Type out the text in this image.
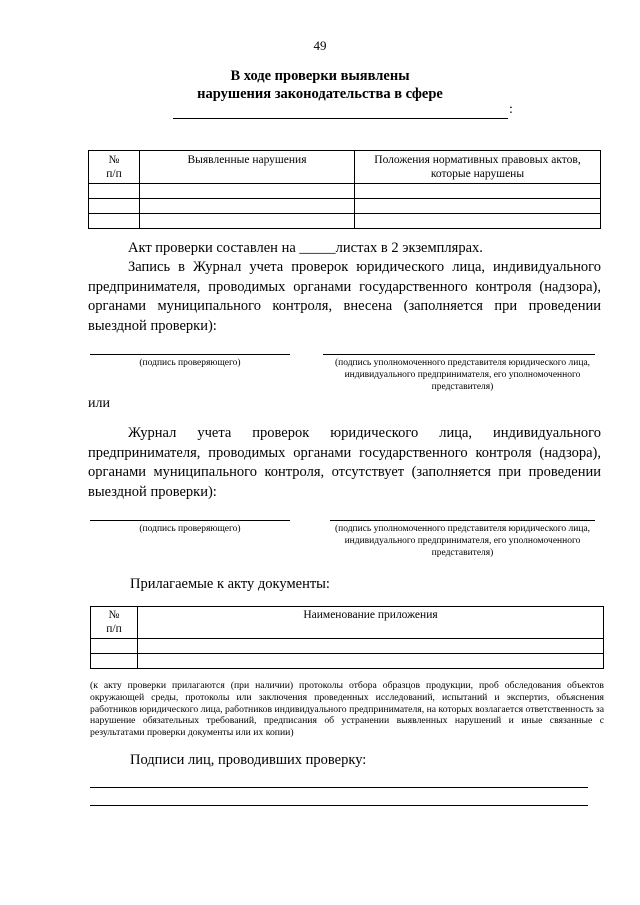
49
В ходе проверки выявлены
нарушения законодательства в сфере
:
№
п/п	Выявленные нарушения	Положения нормативных правовых актов, которые нарушены

Акт проверки составлен на _____листах в 2 экземплярах.

Запись в Журнал учета проверок юридического лица, индивидуального предпринимателя, проводимых органами государственного контроля (надзора), органами муниципального контроля, внесена (заполняется при проведении выездной проверки):

(подпись проверяющего)	(подпись уполномоченного представителя юридического лица, индивидуального предпринимателя, его уполномоченного представителя)

или

Журнал учета проверок юридического лица, индивидуального предпринимателя, проводимых органами государственного контроля (надзора), органами муниципального контроля, отсутствует (заполняется при проведении выездной проверки):

(подпись проверяющего)	(подпись уполномоченного представителя юридического лица, индивидуального предпринимателя, его уполномоченного представителя)

Прилагаемые к акту документы:
№
п/п	Наименование приложения

(к акту проверки прилагаются (при наличии) протоколы отбора образцов продукции, проб обследования объектов окружающей среды, протоколы или заключения проведенных исследований, испытаний и экспертиз, объяснения работников юридического лица, работников индивидуального предпринимателя, на которых возлагается ответственность за нарушение обязательных требований, предписания об устранении выявленных нарушений и иные связанные с результатами проверки документы или их копии)

Подписи лиц, проводивших проверку:
